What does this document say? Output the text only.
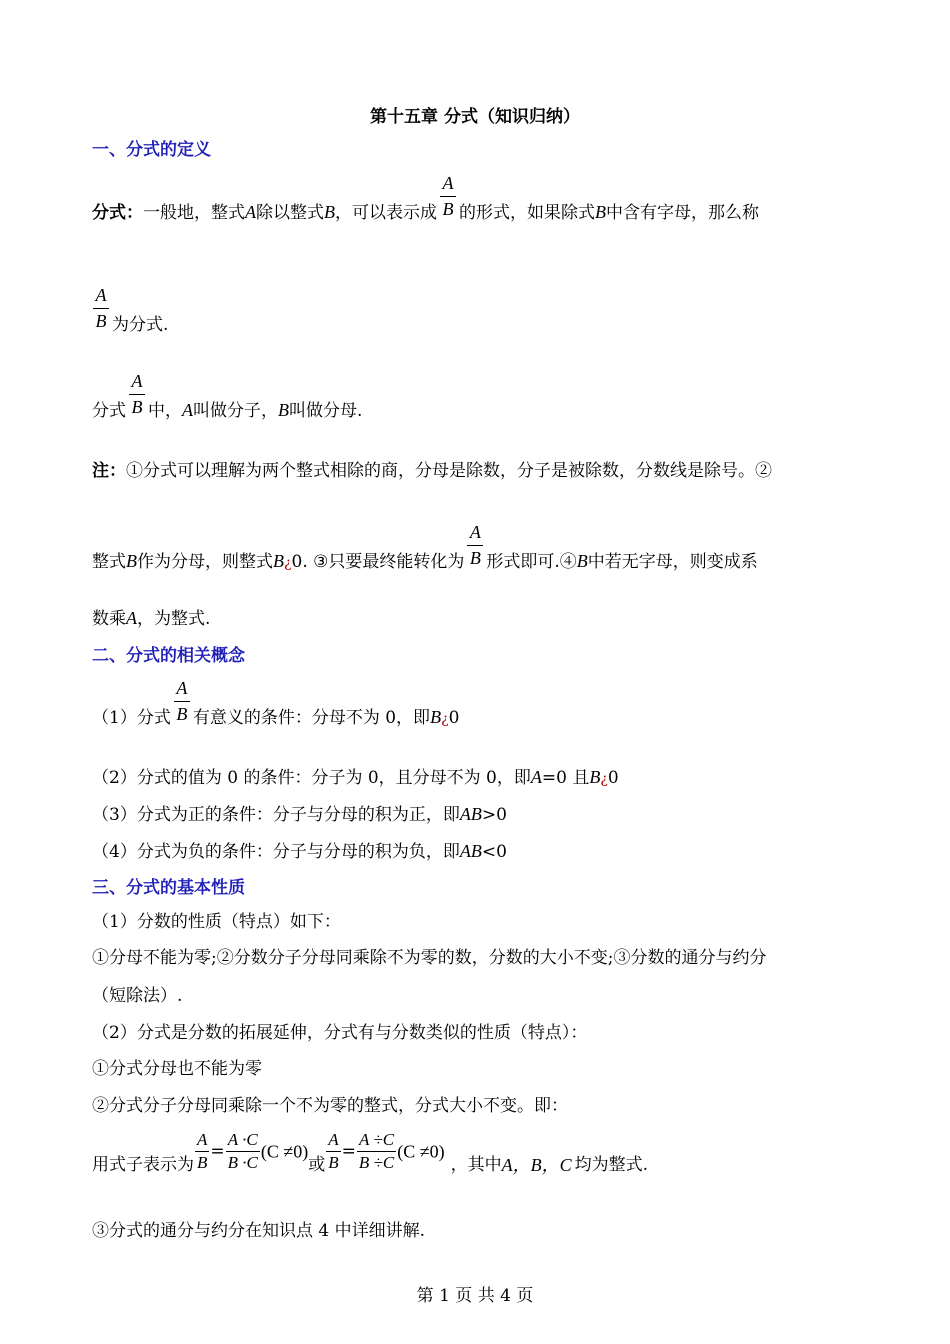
第十五章 分式（知识归纳）
一、分式的定义
分式：一般地，整式A除以整式B，可以表示成 $\frac{A}{B}$ 的形式，如果除式B中含有字母，那么称
$\frac{A}{B}$ 为分式.
分式 $\frac{A}{B}$ 中，A叫做分子，B叫做分母.
注：①分式可以理解为两个整式相除的商，分母是除数，分子是被除数，分数线是除号。②
整式B作为分母，则整式B¿0. ③只要最终能转化为 $\frac{A}{B}$ 形式即可.④B中若无字母，则变成系
数乘A，为整式.
二、分式的相关概念
（1）分式 $\frac{A}{B}$ 有意义的条件：分母不为 0，即B¿0
（2）分式的值为 0 的条件：分子为 0，且分母不为 0，即A=0 且B¿0
（3）分式为正的条件：分子与分母的积为正，即AB>0
（4）分式为负的条件：分子与分母的积为负，即AB<0
三、分式的基本性质
（1）分数的性质（特点）如下：
①分母不能为零;②分数分子分母同乘除不为零的数，分数的大小不变;③分数的通分与约分
（短除法）.
（2）分式是分数的拓展延伸，分式有与分数类似的性质（特点）：
①分式分母也不能为零
②分式分子分母同乘除一个不为零的整式，分式大小不变。即：
用式子表示为 $\frac{A}{B} = \frac{A \cdot C}{B \cdot C} (C \ne 0)$或 $\frac{A}{B} = \frac{A \div C}{B \div C} (C \ne 0)$，其中A，B，C 均为整式.
③分式的通分与约分在知识点 4 中详细讲解.
第 1 页 共 4 页
